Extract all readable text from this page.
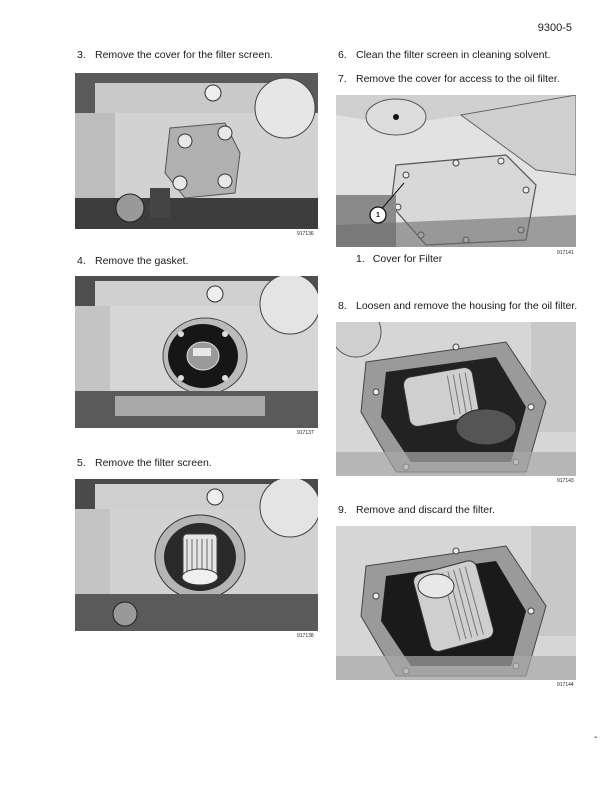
9300-5
3. Remove the cover for the filter screen.
917136
4. Remove the gasket.
917137
5. Remove the filter screen.
917138
6. Clean the filter screen in cleaning solvent.
7. Remove the cover for access to the oil filter.
1
917141
1. Cover for Filter
8. Loosen and remove the housing for the oil filter.
917143
9. Remove and discard the filter.
917144
-
